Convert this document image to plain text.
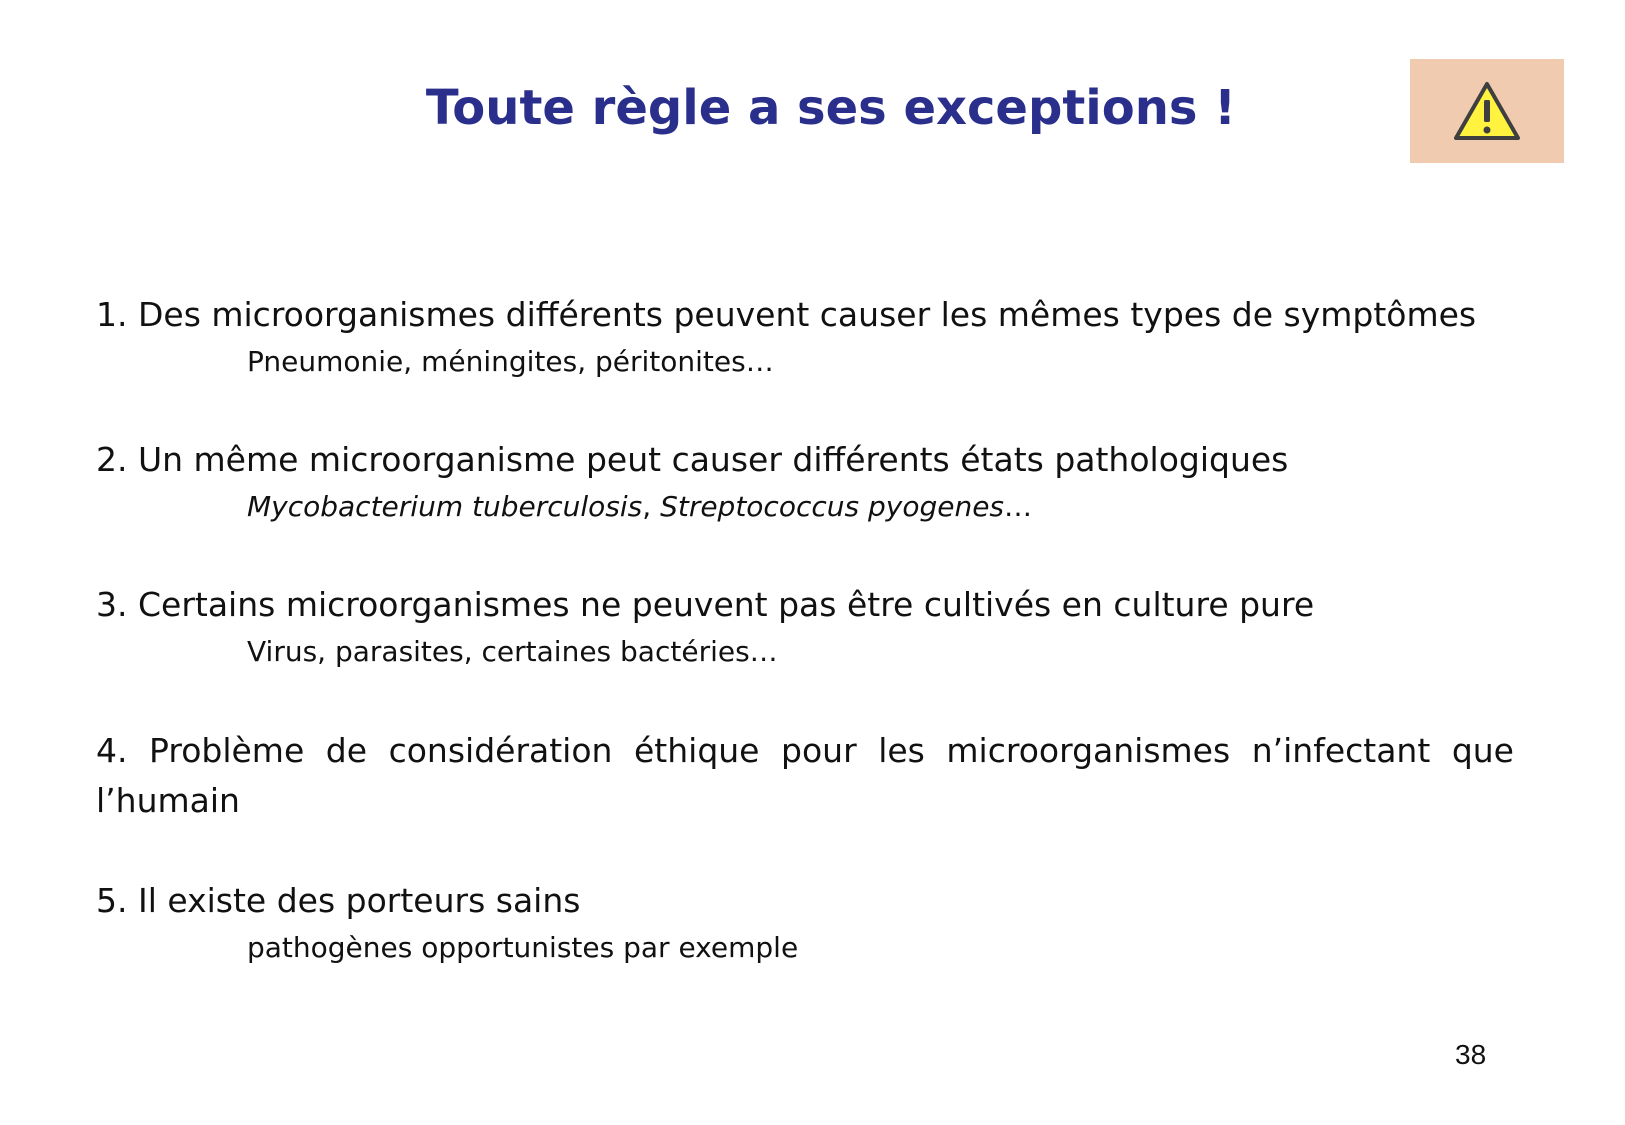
Toute règle a ses exceptions !
1. Des microorganismes différents peuvent causer les mêmes types de symptômes
Pneumonie, méningites, péritonites…
2. Un même microorganisme peut causer différents états pathologiques
Mycobacterium tuberculosis, Streptococcus pyogenes…
3. Certains microorganismes ne peuvent pas être cultivés en culture pure
Virus, parasites, certaines bactéries…
4. Problème de considération éthique pour les microorganismes n’infectant que l’humain
5. Il existe des porteurs sains
pathogènes opportunistes par exemple
38
